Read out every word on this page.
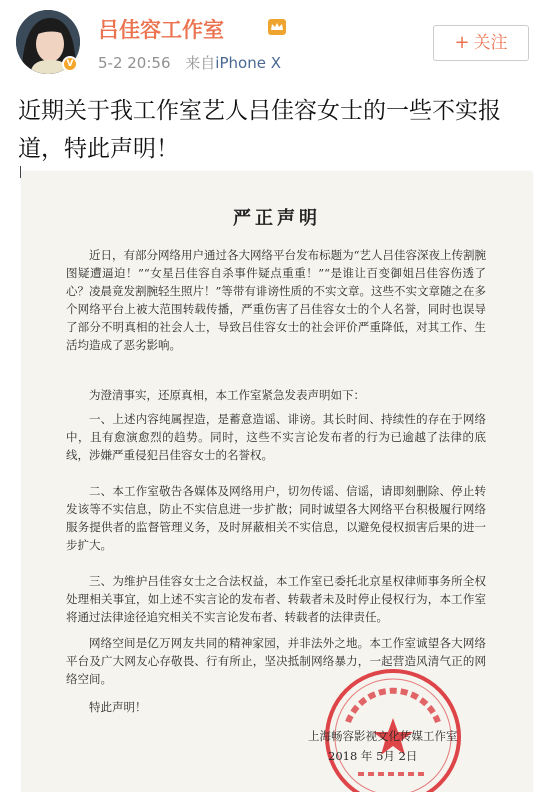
V
吕佳容工作室
5-2 20:56 来自iPhone X
+ 关注
近期关于我工作室艺人吕佳容女士的一些不实报道，特此声明！
严正声明
近日，有部分网络用户通过各大网络平台发布标题为“艺人吕佳容深夜上传割腕图疑遭逼迫！”“女星吕佳容自杀事件疑点重重！”“是谁让百变御姐吕佳容伤透了心？凌晨竟发割腕轻生照片！”等带有诽谤性质的不实文章。这些不实文章随之在多个网络平台上被大范围转载传播，严重伤害了吕佳容女士的个人名誉，同时也误导了部分不明真相的社会人士，导致吕佳容女士的社会评价严重降低，对其工作、生活均造成了恶劣影响。
为澄清事实，还原真相，本工作室紧急发表声明如下：
一、上述内容纯属捏造，是蓄意造谣、诽谤。其长时间、持续性的存在于网络中，且有愈演愈烈的趋势。同时，这些不实言论发布者的行为已逾越了法律的底线，涉嫌严重侵犯吕佳容女士的名誉权。
二、本工作室敬告各媒体及网络用户，切勿传谣、信谣，请即刻删除、停止转发该等不实信息，防止不实信息进一步扩散；同时诚望各大网络平台积极履行网络服务提供者的监督管理义务，及时屏蔽相关不实信息，以避免侵权损害后果的进一步扩大。
三、为维护吕佳容女士之合法权益，本工作室已委托北京星权律师事务所全权处理相关事宜，如上述不实言论的发布者、转载者未及时停止侵权行为，本工作室将通过法律途径追究相关不实言论发布者、转载者的法律责任。
网络空间是亿万网友共同的精神家园，并非法外之地。本工作室诚望各大网络平台及广大网友心存敬畏、行有所止，坚决抵制网络暴力，一起营造风清气正的网络空间。
特此声明！
上海畅容影视文化传媒工作室
2018 年 5月 2日
